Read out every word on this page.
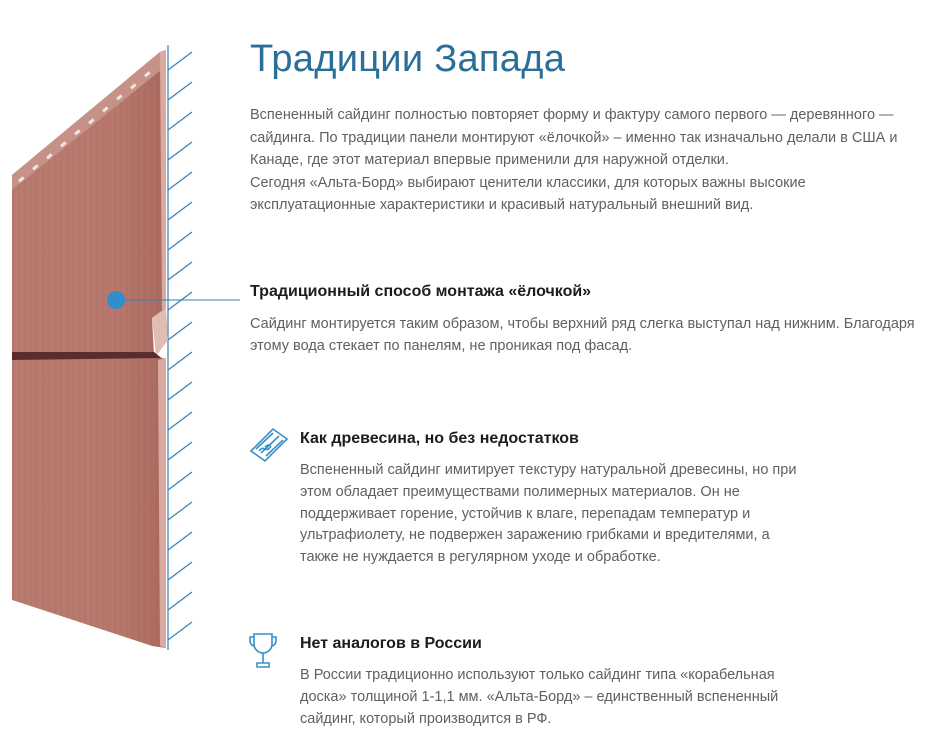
Традиции Запада

Вспененный сайдинг полностью повторяет форму и фактуру самого первого — деревянного — сайдинга. По традиции панели монтируют «ёлочкой» – именно так изначально делали в США и Канаде, где этот материал впервые применили для наружной отделки.

Сегодня «Альта-Борд» выбирают ценители классики, для которых важны высокие эксплуатационные характеристики и красивый натуральный внешний вид.

Традиционный способ монтажа «ёлочкой»
Сайдинг монтируется таким образом, чтобы верхний ряд слегка выступал над нижним. Благодаря этому вода стекает по панелям, не проникая под фасад.
Как древесина, но без недостатков
Вспененный сайдинг имитирует текстуру натуральной древесины, но при этом обладает преимуществами полимерных материалов. Он не поддерживает горение, устойчив к влаге, перепадам температур и ультрафиолету, не подвержен заражению грибками и вредителями, а также не нуждается в регулярном уходе и обработке.
Нет аналогов в России
В России традиционно используют только сайдинг типа «корабельная доска» толщиной 1-1,1 мм. «Альта-Борд» – единственный вспененный сайдинг, который производится в РФ.
